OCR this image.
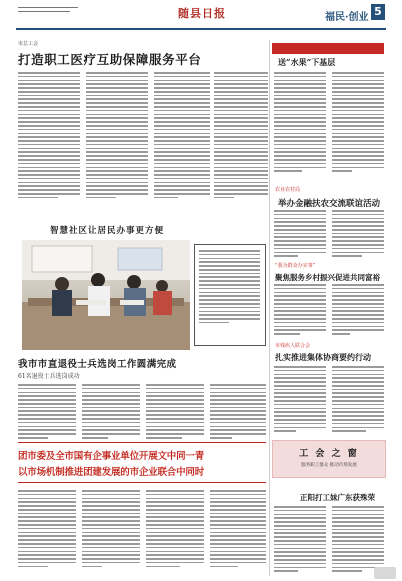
随县日报	福民·创业 5
市总工会
打造职工医疗互助保障服务平台
智慧社区让居民办事更方便
我市市直退役士兵选岗工作圆满完成
61名退役士兵选岗成功
团市委及全市国有企事业单位开展文中同一青
以市场机制推进团建发展的市企业联合中同时
送“水果”下基层
农业农村局
举办金融扶农交流联谊活动
“我为群众办实事”
聚焦服务乡村振兴促进共同富裕
市残疾人联合会
扎实推进集体协商要约行动
工 会 之 窗
服务职工群众 推动市场发展
正阳打工妹广东获殊荣
